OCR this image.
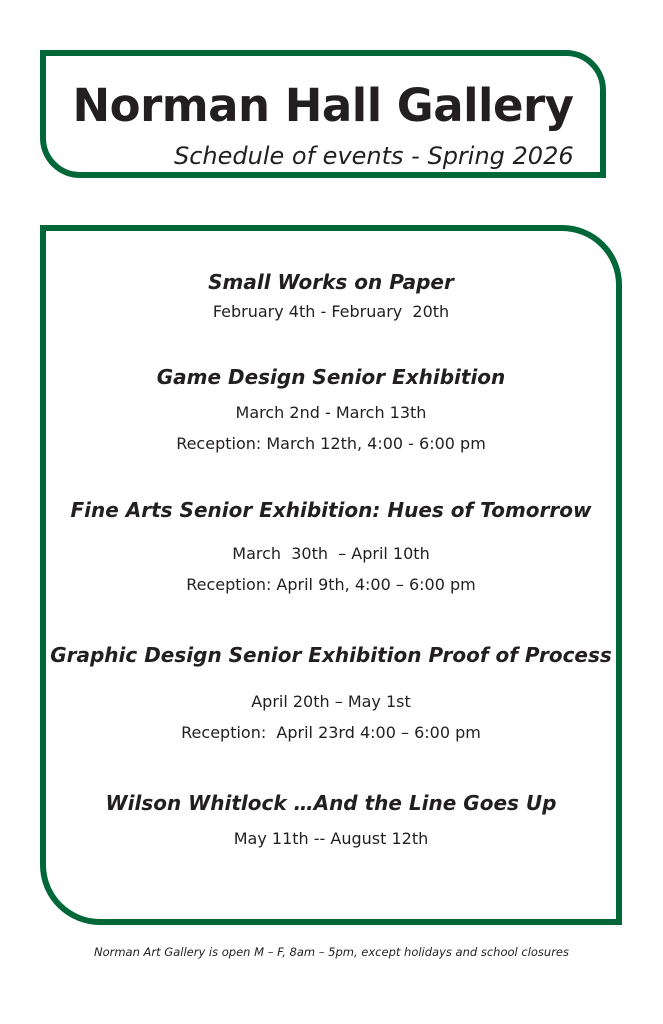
Norman Hall Gallery

Schedule of events - Spring 2026

Small Works on Paper

February 4th - February  20th

Game Design Senior Exhibition

March 2nd - March 13th

Reception: March 12th, 4:00 - 6:00 pm

Fine Arts Senior Exhibition: Hues of Tomorrow

March  30th  – April 10th

Reception: April 9th, 4:00 – 6:00 pm

Graphic Design Senior Exhibition Proof of Process

April 20th – May 1st

Reception:  April 23rd 4:00 – 6:00 pm

Wilson Whitlock …And the Line Goes Up

May 11th -- August 12th

Norman Art Gallery is open M – F, 8am – 5pm, except holidays and school closures
